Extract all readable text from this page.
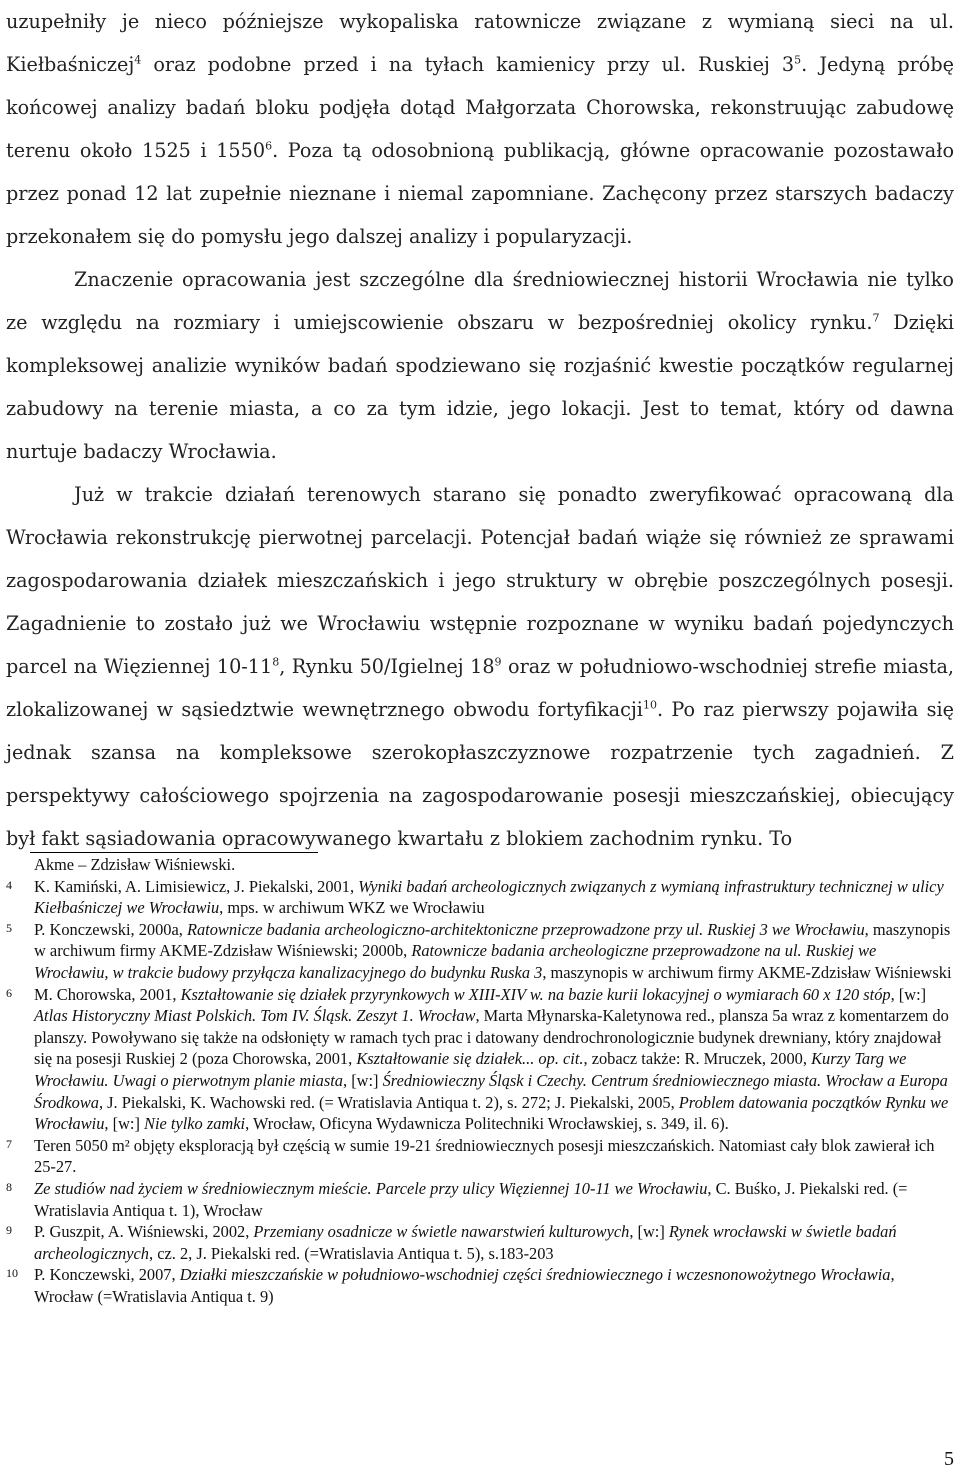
uzupełniły je nieco późniejsze wykopaliska ratownicze związane z wymianą sieci na ul. Kiełbaśniczej$^4$ oraz podobne przed i na tyłach kamienicy przy ul. Ruskiej $3^5$. Jedyną próbę końcowej analizy badań bloku podjęła dotąd Małgorzata Chorowska, rekonstruując zabudowę terenu około 1525 i 1550$^6$. Poza tą odosobnioną publikacją, główne opracowanie pozostawało przez ponad 12 lat zupełnie nieznane i niemal zapomniane. Zachęcony przez starszych badaczy przekonałem się do pomysłu jego dalszej analizy i popularyzacji.

Znaczenie opracowania jest szczególne dla średniowiecznej historii Wrocławia nie tylko ze względu na rozmiary i umiejscowienie obszaru w bezpośredniej okolicy rynku.$^7$ Dzięki kompleksowej analizie wyników badań spodziewano się rozjaśnić kwestie początków regularnej zabudowy na terenie miasta, a co za tym idzie, jego lokacji. Jest to temat, który od dawna nurtuje badaczy Wrocławia.

Już w trakcie działań terenowych starano się ponadto zweryfikować opracowaną dla Wrocławia rekonstrukcję pierwotnej parcelacji. Potencjał badań wiąże się również ze sprawami zagospodarowania działek mieszczańskich i jego struktury w obrębie poszczególnych posesji. Zagadnienie to zostało już we Wrocławiu wstępnie rozpoznane w wyniku badań pojedynczych parcel na Więziennej $10-11^8$, Rynku 50/Igielnej $18^9$ oraz w południowo-wschodniej strefie miasta, zlokalizowanej w sąsiedztwie wewnętrznego obwodu fortyfikacji$^{10}$. Po raz pierwszy pojawiła się jednak szansa na kompleksowe szerokopłaszczyznowe rozpatrzenie tych zagadnień. Z perspektywy całościowego spojrzenia na zagospodarowanie posesji mieszczańskiej, obiecujący był fakt sąsiadowania opracowywanego kwartału z blokiem zachodnim rynku. To

Akme – Zdzisław Wiśniewski.
4 K. Kamiński, A. Limisiewicz, J. Piekalski, 2001, Wyniki badań archeologicznych związanych z wymianą infrastruktury technicznej w ulicy Kiełbaśniczej we Wrocławiu, mps. w archiwum WKZ we Wrocławiu
5 P. Konczewski, 2000a, Ratownicze badania archeologiczno-architektoniczne przeprowadzone przy ul. Ruskiej 3 we Wrocławiu, maszynopis w archiwum firmy AKME-Zdzisław Wiśniewski; 2000b, Ratownicze badania archeologiczne przeprowadzone na ul. Ruskiej we Wrocławiu, w trakcie budowy przyłącza kanalizacyjnego do budynku Ruska 3, maszynopis w archiwum firmy AKME-Zdzisław Wiśniewski
6 M. Chorowska, 2001, Kształtowanie się działek przyrynkowych w XIII-XIV w. na bazie kurii lokacyjnej o wymiarach 60 x 120 stóp, [w:] Atlas Historyczny Miast Polskich. Tom IV. Śląsk. Zeszyt 1. Wrocław, Marta Młynarska-Kaletynowa red., plansza 5a wraz z komentarzem do planszy. Powoływano się także na odsłonięty w ramach tych prac i datowany dendrochronologicznie budynek drewniany, który znajdował się na posesji Ruskiej 2 (poza Chorowska, 2001, Kształtowanie się działek... op. cit., zobacz także: R. Mruczek, 2000, Kurzy Targ we Wrocławiu. Uwagi o pierwotnym planie miasta, [w:] Średniowieczny Śląsk i Czechy. Centrum średniowiecznego miasta. Wrocław a Europa Środkowa, J. Piekalski, K. Wachowski red. (= Wratislavia Antiqua t. 2), s. 272; J. Piekalski, 2005, Problem datowania początków Rynku we Wrocławiu, [w:] Nie tylko zamki, Wrocław, Oficyna Wydawnicza Politechniki Wrocławskiej, s. 349, il. 6).
7 Teren 5050 m² objęty eksploracją był częścią w sumie 19-21 średniowiecznych posesji mieszczańskich. Natomiast cały blok zawierał ich 25-27.
8 Ze studiów nad życiem w średniowiecznym mieście. Parcele przy ulicy Więziennej 10-11 we Wrocławiu, C. Buśko, J. Piekalski red. (= Wratislavia Antiqua t. 1), Wrocław
9 P. Guszpit, A. Wiśniewski, 2002, Przemiany osadnicze w świetle nawarstwień kulturowych, [w:] Rynek wrocławski w świetle badań archeologicznych, cz. 2, J. Piekalski red. (=Wratislavia Antiqua t. 5), s.183-203
10 P. Konczewski, 2007, Działki mieszczańskie w południowo-wschodniej części średniowiecznego i wczesnonowożytnego Wrocławia, Wrocław (=Wratislavia Antiqua t. 9)
5
